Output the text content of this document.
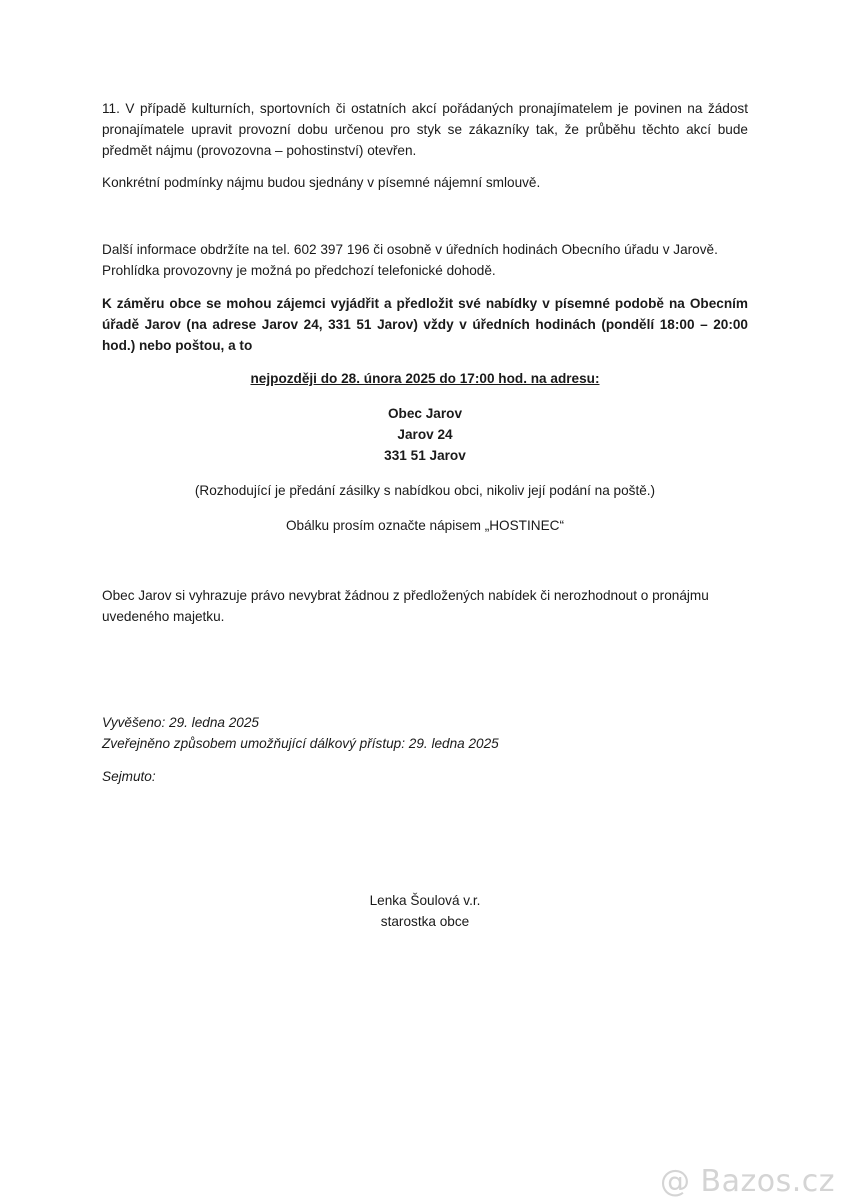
11. V případě kulturních, sportovních či ostatních akcí pořádaných pronajímatelem je povinen na žádost pronajímatele upravit provozní dobu určenou pro styk se zákazníky tak, že průběhu těchto akcí bude předmět nájmu (provozovna – pohostinství) otevřen.

Konkrétní podmínky nájmu budou sjednány v písemné nájemní smlouvě.

Další informace obdržíte na tel. 602 397 196 či osobně v úředních hodinách Obecního úřadu v Jarově.

Prohlídka provozovny je možná po předchozí telefonické dohodě.

K záměru obce se mohou zájemci vyjádřit a předložit své nabídky v písemné podobě na Obecním úřadě Jarov (na adrese Jarov 24, 331 51 Jarov) vždy v úředních hodinách (pondělí 18:00 – 20:00 hod.) nebo poštou, a to

nejpozději do 28. února 2025 do 17:00 hod. na adresu:

Obec Jarov

Jarov 24

331 51 Jarov

(Rozhodující je předání zásilky s nabídkou obci, nikoliv její podání na poště.)

Obálku prosím označte nápisem „HOSTINEC“

Obec Jarov si vyhrazuje právo nevybrat žádnou z předložených nabídek či nerozhodnout o pronájmu uvedeného majetku.

Vyvěšeno: 29. ledna 2025

Zveřejněno způsobem umožňující dálkový přístup: 29. ledna 2025

Sejmuto:

Lenka Šoulová v.r.

starostka obce

@ Bazos.cz
